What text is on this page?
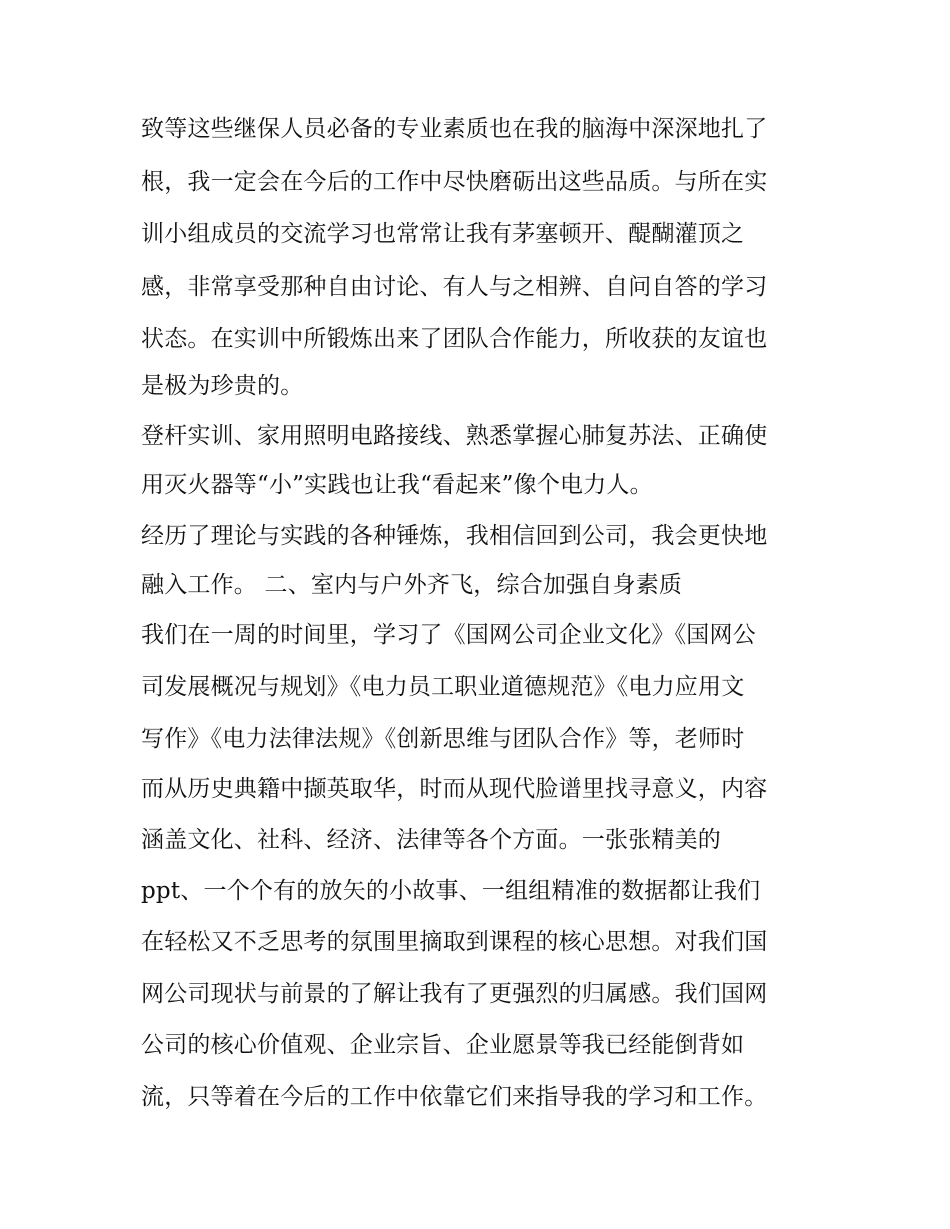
致等这些继保人员必备的专业素质也在我的脑海中深深地扎了
根，我一定会在今后的工作中尽快磨砺出这些品质。与所在实
训小组成员的交流学习也常常让我有茅塞顿开、醍醐灌顶之
感，非常享受那种自由讨论、有人与之相辨、自问自答的学习
状态。在实训中所锻炼出来了团队合作能力，所收获的友谊也
是极为珍贵的。
登杆实训、家用照明电路接线、熟悉掌握心肺复苏法、正确使
用灭火器等“小”实践也让我“看起来”像个电力人。
经历了理论与实践的各种锤炼，我相信回到公司，我会更快地
融入工作。 二、室内与户外齐飞，综合加强自身素质
我们在一周的时间里，学习了《国网公司企业文化》《国网公
司发展概况与规划》《电力员工职业道德规范》《电力应用文
写作》《电力法律法规》《创新思维与团队合作》等，老师时
而从历史典籍中撷英取华，时而从现代脸谱里找寻意义，内容
涵盖文化、社科、经济、法律等各个方面。一张张精美的
ppt、一个个有的放矢的小故事、一组组精准的数据都让我们
在轻松又不乏思考的氛围里摘取到课程的核心思想。对我们国
网公司现状与前景的了解让我有了更强烈的归属感。我们国网
公司的核心价值观、企业宗旨、企业愿景等我已经能倒背如
流，只等着在今后的工作中依靠它们来指导我的学习和工作。
